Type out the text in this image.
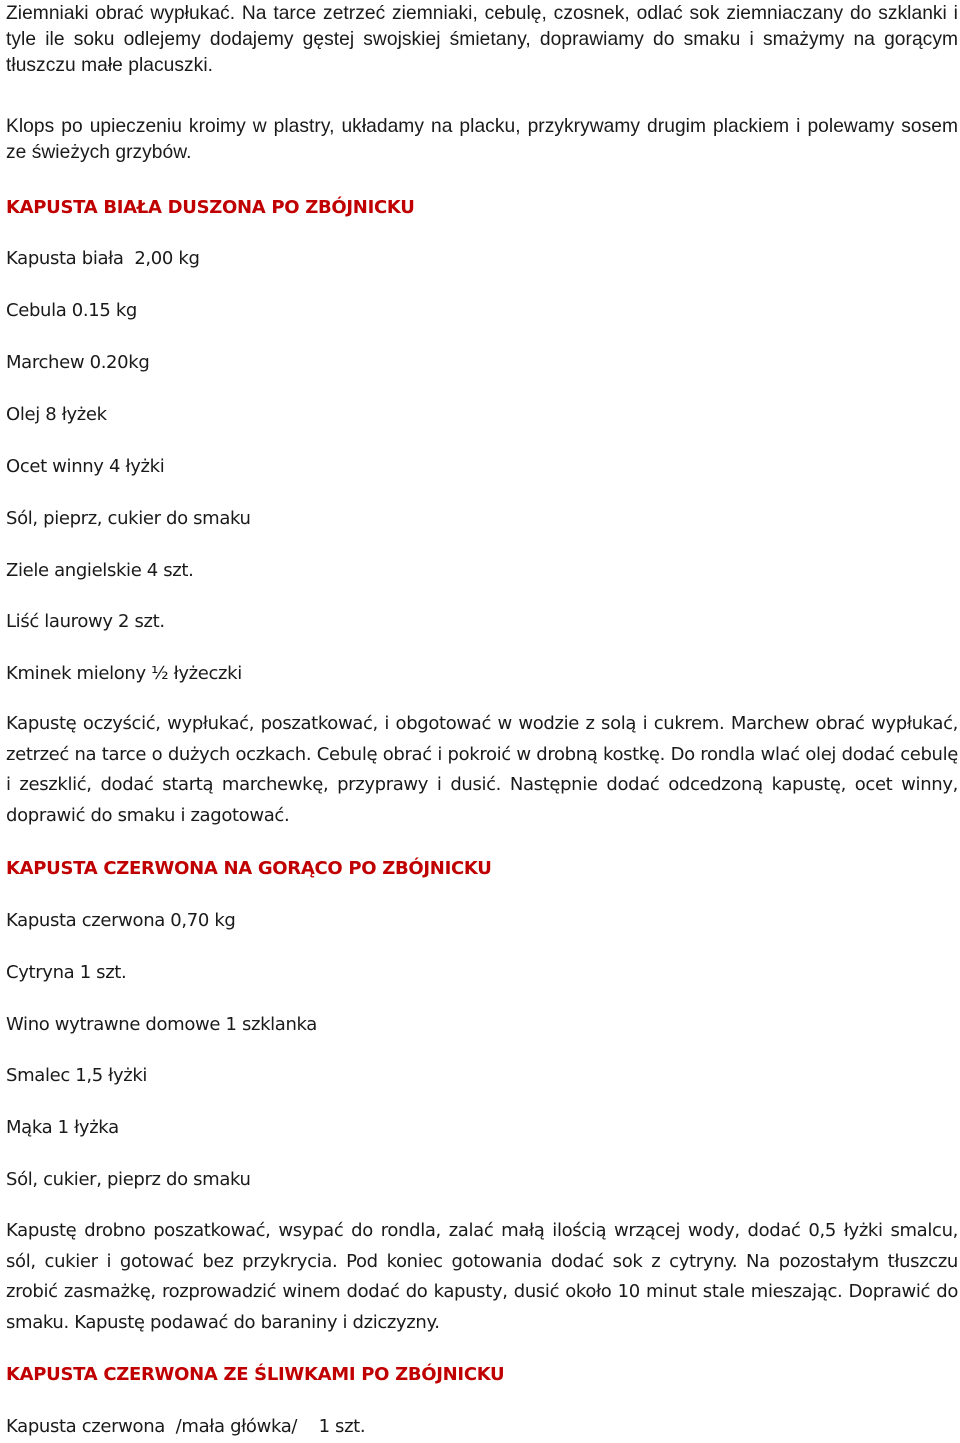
Ziemniaki obrać wypłukać. Na tarce zetrzeć ziemniaki, cebulę, czosnek, odlać sok ziemniaczany do szklanki i tyle ile soku odlejemy dodajemy gęstej swojskiej śmietany, doprawiamy do smaku i smażymy na gorącym tłuszczu małe placuszki.

Klops po upieczeniu kroimy w plastry, układamy na placku, przykrywamy drugim plackiem i polewamy sosem ze świeżych grzybów.

KAPUSTA BIAŁA DUSZONA PO ZBÓJNICKU

Kapusta biała  2,00 kg

Cebula 0.15 kg

Marchew 0.20kg

Olej 8 łyżek

Ocet winny 4 łyżki

Sól, pieprz, cukier do smaku

Ziele angielskie 4 szt.

Liść laurowy 2 szt.

Kminek mielony ½ łyżeczki

Kapustę oczyścić, wypłukać, poszatkować, i obgotować w wodzie z solą i cukrem. Marchew obrać wypłukać, zetrzeć na tarce o dużych oczkach. Cebulę obrać i pokroić w drobną kostkę. Do rondla wlać olej dodać cebulę i zeszklić, dodać startą marchewkę, przyprawy i dusić. Następnie dodać odcedzoną kapustę, ocet winny, doprawić do smaku i zagotować.

KAPUSTA CZERWONA NA GORĄCO PO ZBÓJNICKU

Kapusta czerwona 0,70 kg

Cytryna 1 szt.

Wino wytrawne domowe 1 szklanka

Smalec 1,5 łyżki

Mąka 1 łyżka

Sól, cukier, pieprz do smaku

Kapustę drobno poszatkować, wsypać do rondla, zalać małą ilością wrzącej wody, dodać 0,5 łyżki smalcu, sól, cukier i gotować bez przykrycia. Pod koniec gotowania dodać sok z cytryny. Na pozostałym tłuszczu zrobić zasmażkę, rozprowadzić winem dodać do kapusty, dusić około 10 minut stale mieszając. Doprawić do smaku. Kapustę podawać do baraniny i dziczyzny.

KAPUSTA CZERWONA ZE ŚLIWKAMI PO ZBÓJNICKU

Kapusta czerwona  /mała główka/    1 szt.
